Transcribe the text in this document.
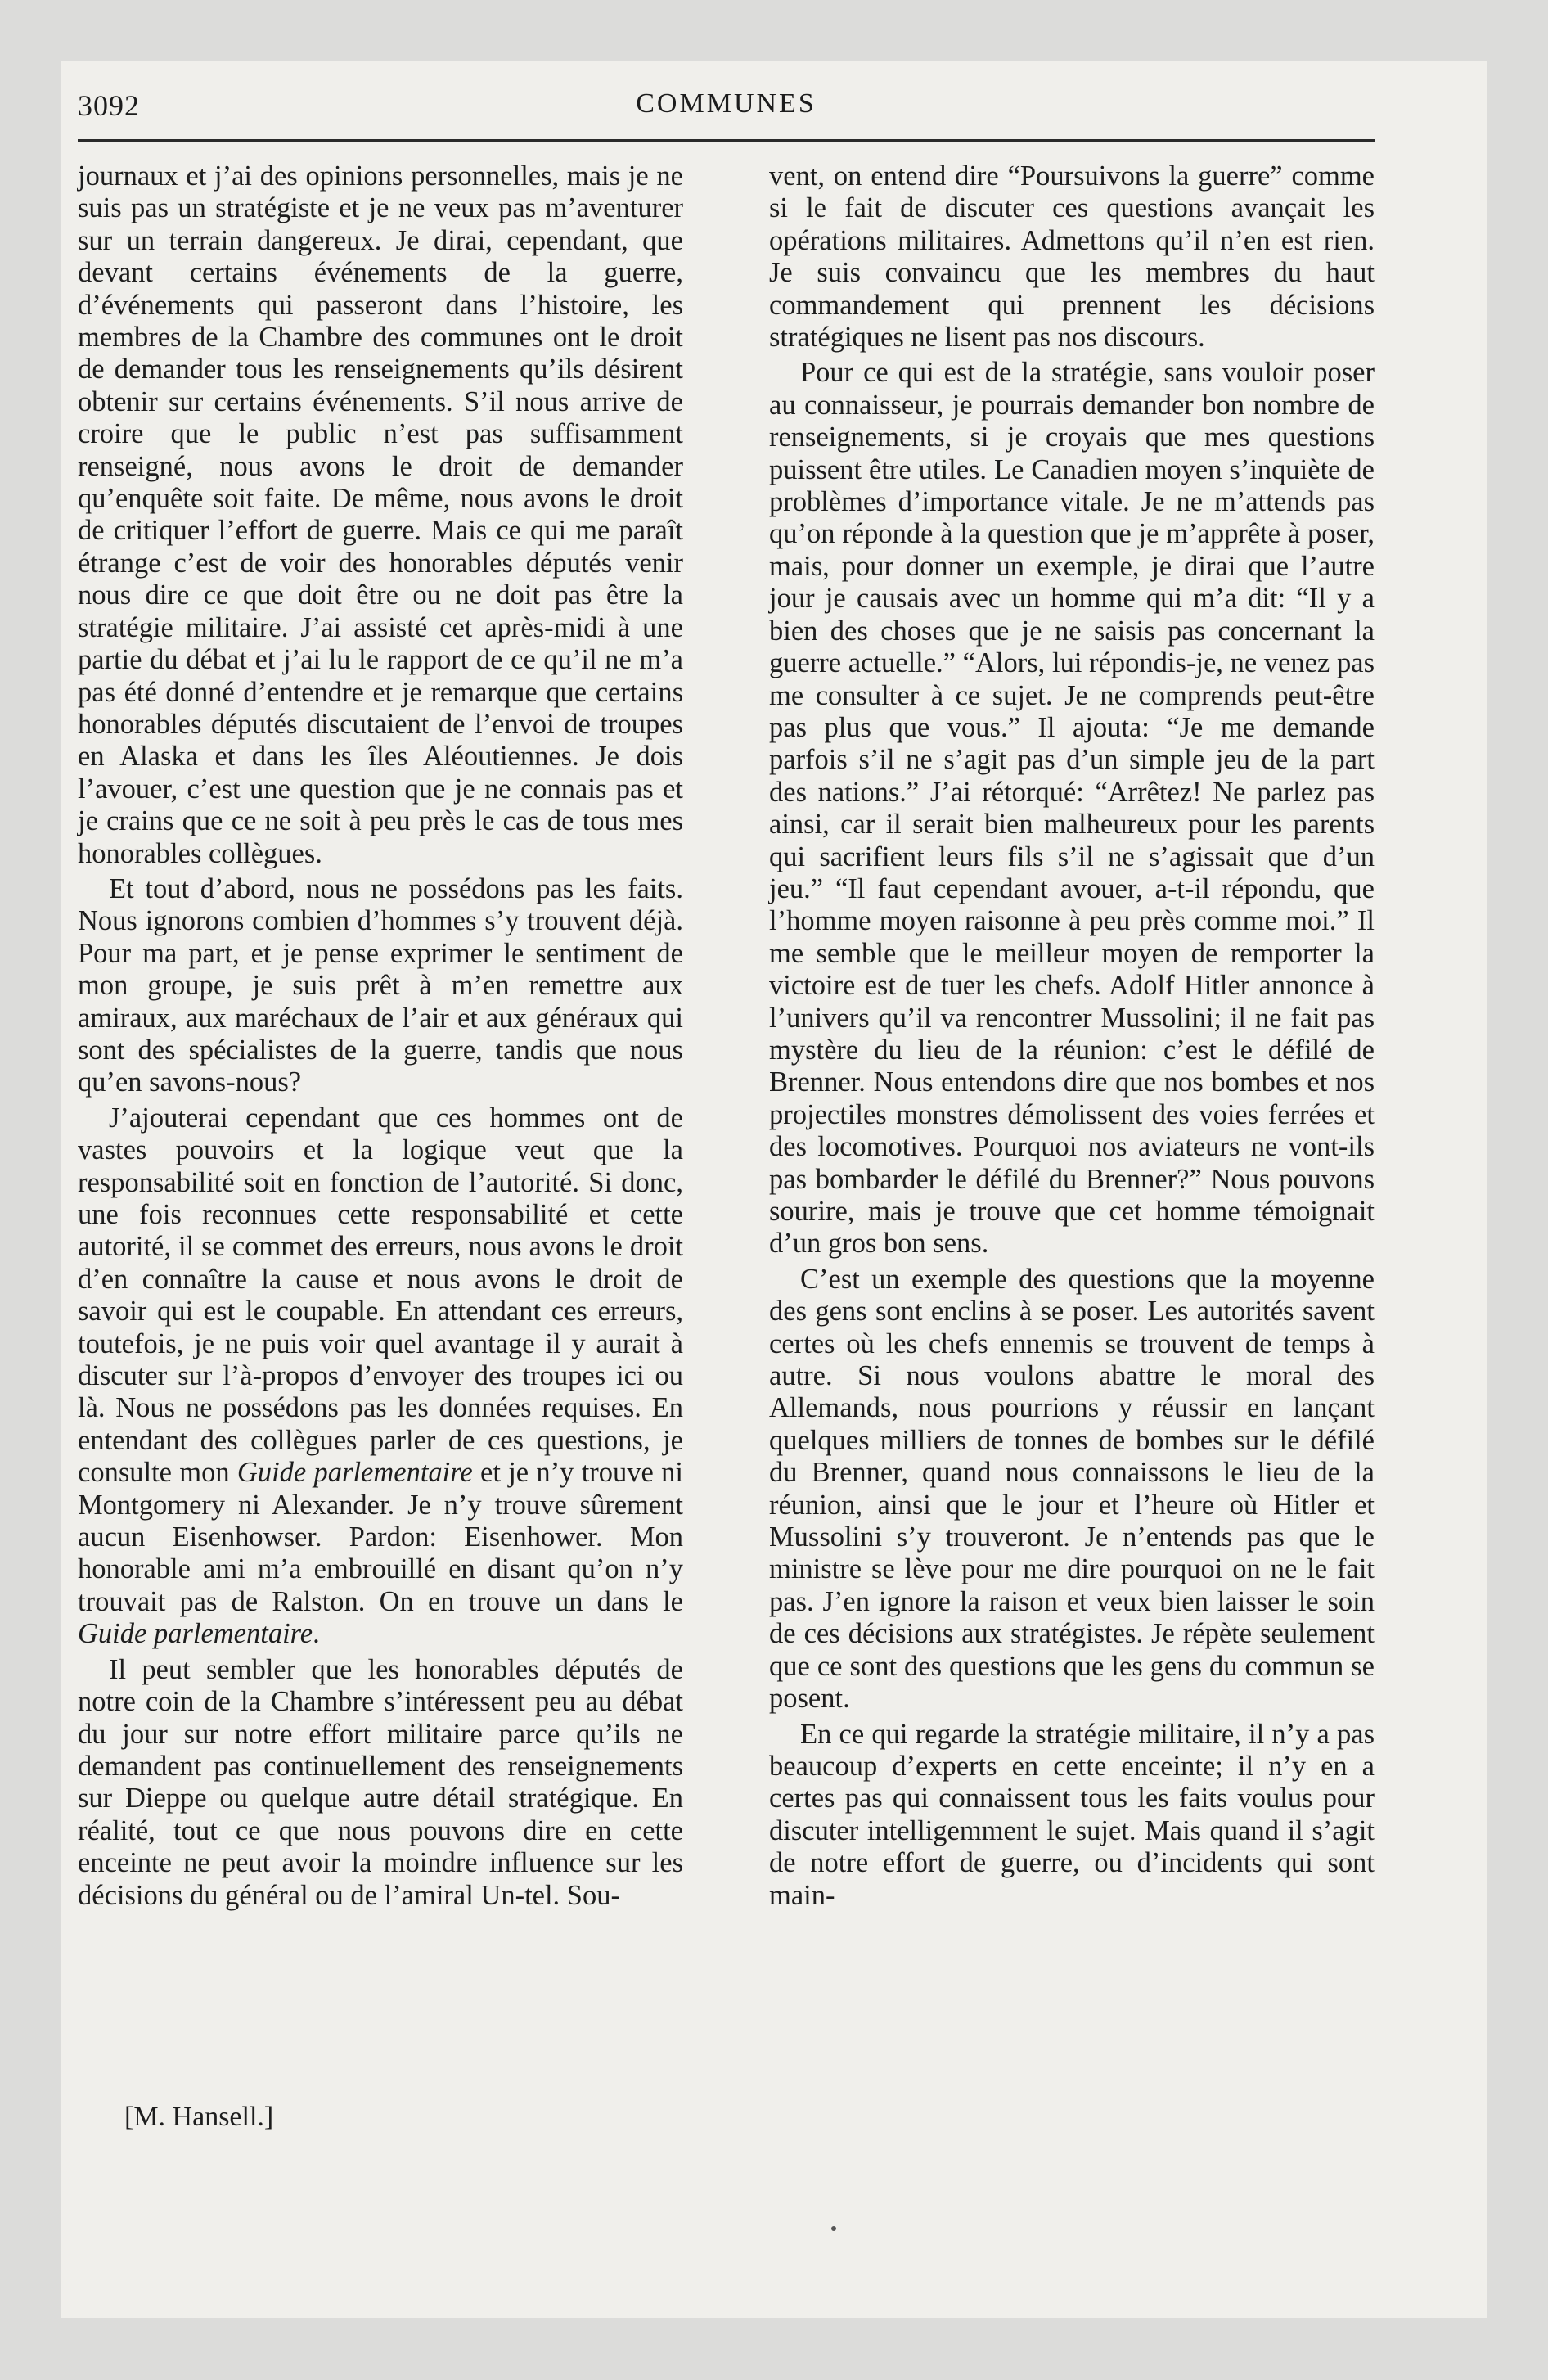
3092	COMMUNES

journaux et j’ai des opinions personnelles, mais je ne suis pas un stratégiste et je ne veux pas m’aventurer sur un terrain dangereux. Je dirai, cependant, que devant certains événements de la guerre, d’événements qui passeront dans l’histoire, les membres de la Chambre des communes ont le droit de demander tous les renseignements qu’ils désirent obtenir sur certains événements. S’il nous arrive de croire que le public n’est pas suffisamment renseigné, nous avons le droit de demander qu’enquête soit faite. De même, nous avons le droit de critiquer l’effort de guerre. Mais ce qui me paraît étrange c’est de voir des honorables députés venir nous dire ce que doit être ou ne doit pas être la stratégie militaire. J’ai assisté cet après-midi à une partie du débat et j’ai lu le rapport de ce qu’il ne m’a pas été donné d’entendre et je remarque que certains honorables députés discutaient de l’envoi de troupes en Alaska et dans les îles Aléoutiennes. Je dois l’avouer, c’est une question que je ne connais pas et je crains que ce ne soit à peu près le cas de tous mes honorables collègues.

Et tout d’abord, nous ne possédons pas les faits. Nous ignorons combien d’hommes s’y trouvent déjà. Pour ma part, et je pense exprimer le sentiment de mon groupe, je suis prêt à m’en remettre aux amiraux, aux maréchaux de l’air et aux généraux qui sont des spécialistes de la guerre, tandis que nous qu’en savons-nous?

J’ajouterai cependant que ces hommes ont de vastes pouvoirs et la logique veut que la responsabilité soit en fonction de l’autorité. Si donc, une fois reconnues cette responsabilité et cette autorité, il se commet des erreurs, nous avons le droit d’en connaître la cause et nous avons le droit de savoir qui est le coupable. En attendant ces erreurs, toutefois, je ne puis voir quel avantage il y aurait à discuter sur l’à-propos d’envoyer des troupes ici ou là. Nous ne possédons pas les données requises. En entendant des collègues parler de ces questions, je consulte mon Guide parlementaire et je n’y trouve ni Montgomery ni Alexander. Je n’y trouve sûrement aucun Eisenhowser. Pardon: Eisenhower. Mon honorable ami m’a embrouillé en disant qu’on n’y trouvait pas de Ralston. On en trouve un dans le Guide parlementaire.

Il peut sembler que les honorables députés de notre coin de la Chambre s’intéressent peu au débat du jour sur notre effort militaire parce qu’ils ne demandent pas continuellement des renseignements sur Dieppe ou quelque autre détail stratégique. En réalité, tout ce que nous pouvons dire en cette enceinte ne peut avoir la moindre influence sur les décisions du général ou de l’amiral Un-tel. Sou-

[M. Hansell.]

vent, on entend dire “Poursuivons la guerre” comme si le fait de discuter ces questions avançait les opérations militaires. Admettons qu’il n’en est rien. Je suis convaincu que les membres du haut commandement qui prennent les décisions stratégiques ne lisent pas nos discours.

Pour ce qui est de la stratégie, sans vouloir poser au connaisseur, je pourrais demander bon nombre de renseignements, si je croyais que mes questions puissent être utiles. Le Canadien moyen s’inquiète de problèmes d’importance vitale. Je ne m’attends pas qu’on réponde à la question que je m’apprête à poser, mais, pour donner un exemple, je dirai que l’autre jour je causais avec un homme qui m’a dit: “Il y a bien des choses que je ne saisis pas concernant la guerre actuelle.” “Alors, lui répondis-je, ne venez pas me consulter à ce sujet. Je ne comprends peut-être pas plus que vous.” Il ajouta: “Je me demande parfois s’il ne s’agit pas d’un simple jeu de la part des nations.” J’ai rétorqué: “Arrêtez! Ne parlez pas ainsi, car il serait bien malheureux pour les parents qui sacrifient leurs fils s’il ne s’agissait que d’un jeu.” “Il faut cependant avouer, a-t-il répondu, que l’homme moyen raisonne à peu près comme moi.” Il me semble que le meilleur moyen de remporter la victoire est de tuer les chefs. Adolf Hitler annonce à l’univers qu’il va rencontrer Mussolini; il ne fait pas mystère du lieu de la réunion: c’est le défilé de Brenner. Nous entendons dire que nos bombes et nos projectiles monstres démolissent des voies ferrées et des locomotives. Pourquoi nos aviateurs ne vont-ils pas bombarder le défilé du Brenner?” Nous pouvons sourire, mais je trouve que cet homme témoignait d’un gros bon sens.

C’est un exemple des questions que la moyenne des gens sont enclins à se poser. Les autorités savent certes où les chefs ennemis se trouvent de temps à autre. Si nous voulons abattre le moral des Allemands, nous pourrions y réussir en lançant quelques milliers de tonnes de bombes sur le défilé du Brenner, quand nous connaissons le lieu de la réunion, ainsi que le jour et l’heure où Hitler et Mussolini s’y trouveront. Je n’entends pas que le ministre se lève pour me dire pourquoi on ne le fait pas. J’en ignore la raison et veux bien laisser le soin de ces décisions aux stratégistes. Je répète seulement que ce sont des questions que les gens du commun se posent.

En ce qui regarde la stratégie militaire, il n’y a pas beaucoup d’experts en cette enceinte; il n’y en a certes pas qui connaissent tous les faits voulus pour discuter intelligemment le sujet. Mais quand il s’agit de notre effort de guerre, ou d’incidents qui sont main-
